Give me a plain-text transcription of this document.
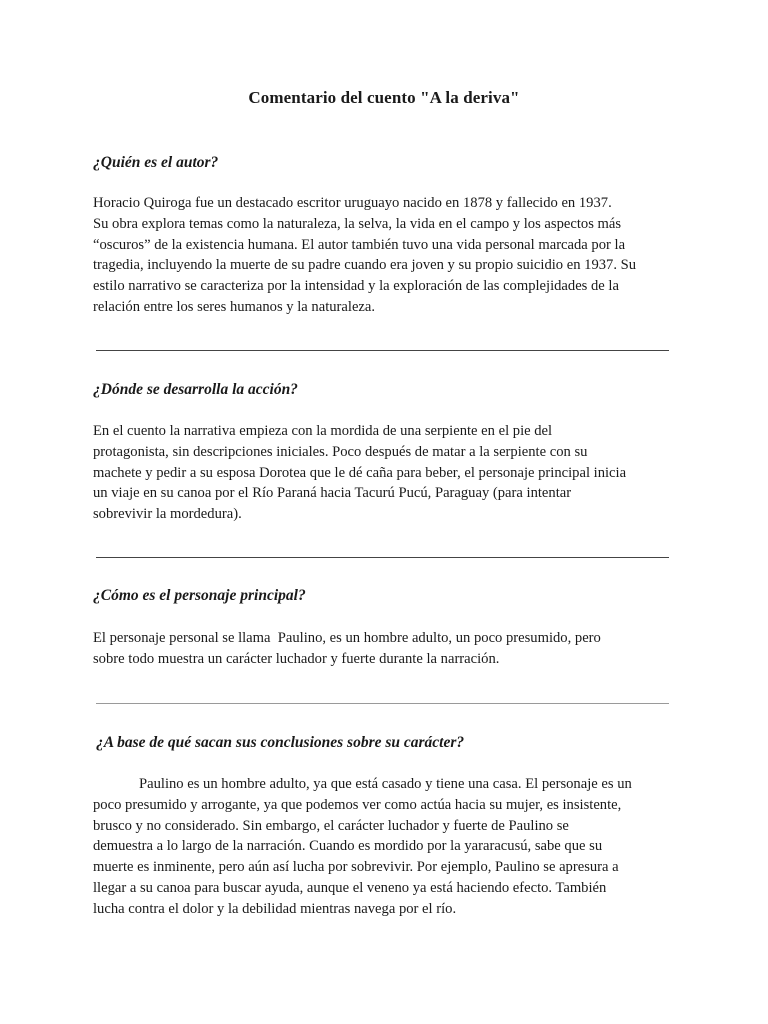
Comentario del cuento "A la deriva"
¿Quién es el autor?
Horacio Quiroga fue un destacado escritor uruguayo nacido en 1878 y fallecido en 1937.
Su obra explora temas como la naturaleza, la selva, la vida en el campo y los aspectos más
“oscuros” de la existencia humana. El autor también tuvo una vida personal marcada por la
tragedia, incluyendo la muerte de su padre cuando era joven y su propio suicidio en 1937. Su
estilo narrativo se caracteriza por la intensidad y la exploración de las complejidades de la
relación entre los seres humanos y la naturaleza.
¿Dónde se desarrolla la acción?
En el cuento la narrativa empieza con la mordida de una serpiente en el pie del
protagonista, sin descripciones iniciales. Poco después de matar a la serpiente con su
machete y pedir a su esposa Dorotea que le dé caña para beber, el personaje principal inicia
un viaje en su canoa por el Río Paraná hacia Tacurú Pucú, Paraguay (para intentar
sobrevivir la mordedura).
¿Cómo es el personaje principal?
El personaje personal se llama  Paulino, es un hombre adulto, un poco presumido, pero
sobre todo muestra un carácter luchador y fuerte durante la narración.
¿A base de qué sacan sus conclusiones sobre su carácter?
Paulino es un hombre adulto, ya que está casado y tiene una casa. El personaje es un
poco presumido y arrogante, ya que podemos ver como actúa hacia su mujer, es insistente,
brusco y no considerado. Sin embargo, el carácter luchador y fuerte de Paulino se
demuestra a lo largo de la narración. Cuando es mordido por la yararacusú, sabe que su
muerte es inminente, pero aún así lucha por sobrevivir. Por ejemplo, Paulino se apresura a
llegar a su canoa para buscar ayuda, aunque el veneno ya está haciendo efecto. También
lucha contra el dolor y la debilidad mientras navega por el río.
